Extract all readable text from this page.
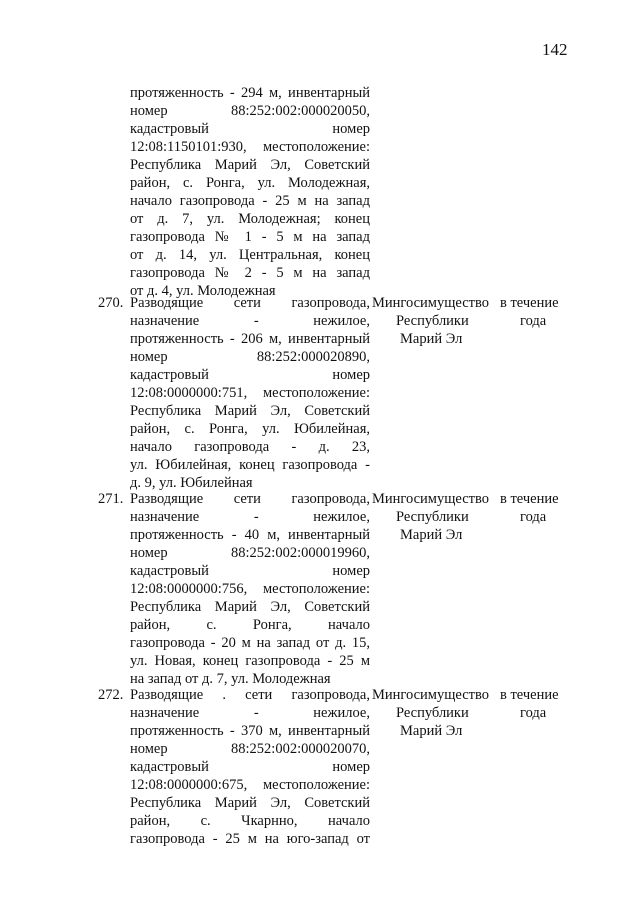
142
протяженность - 294 м, инвентарный
номер 88:252:002:000020050,
кадастровый номер
12:08:1150101:930, местоположение:
Республика Марий Эл, Советский
район, с. Ронга, ул. Молодежная,
начало газопровода - 25 м на запад
от д. 7, ул. Молодежная; конец
газопровода № 1 - 5 м на запад
от д. 14, ул. Центральная, конец
газопровода № 2 - 5 м на запад
от д. 4, ул. Молодежная
270. Разводящие сети газопровода,
назначение - нежилое,
протяженность - 206 м, инвентарный
номер 88:252:000020890,
кадастровый номер
12:08:0000000:751, местоположение:
Республика Марий Эл, Советский
район, с. Ронга, ул. Юбилейная,
начало газопровода - д. 23,
ул. Юбилейная, конец газопровода -
д. 9, ул. Юбилейная
Мингосимущество
Республики
Марий Эл
в течение
года
271. Разводящие сети газопровода,
назначение - нежилое,
протяженность - 40 м, инвентарный
номер 88:252:002:000019960,
кадастровый номер
12:08:0000000:756, местоположение:
Республика Марий Эл, Советский
район, с. Ронга, начало
газопровода - 20 м на запад от д. 15,
ул. Новая, конец газопровода - 25 м
на запад от д. 7, ул. Молодежная
Мингосимущество
Республики
Марий Эл
в течение
года
272. Разводящие . сети газопровода,
назначение - нежилое,
протяженность - 370 м, инвентарный
номер 88:252:002:000020070,
кадастровый номер
12:08:0000000:675, местоположение:
Республика Марий Эл, Советский
район, с. Чкарнно, начало
газопровода - 25 м на юго-запад от
Мингосимущество
Республики
Марий Эл
в течение
года
